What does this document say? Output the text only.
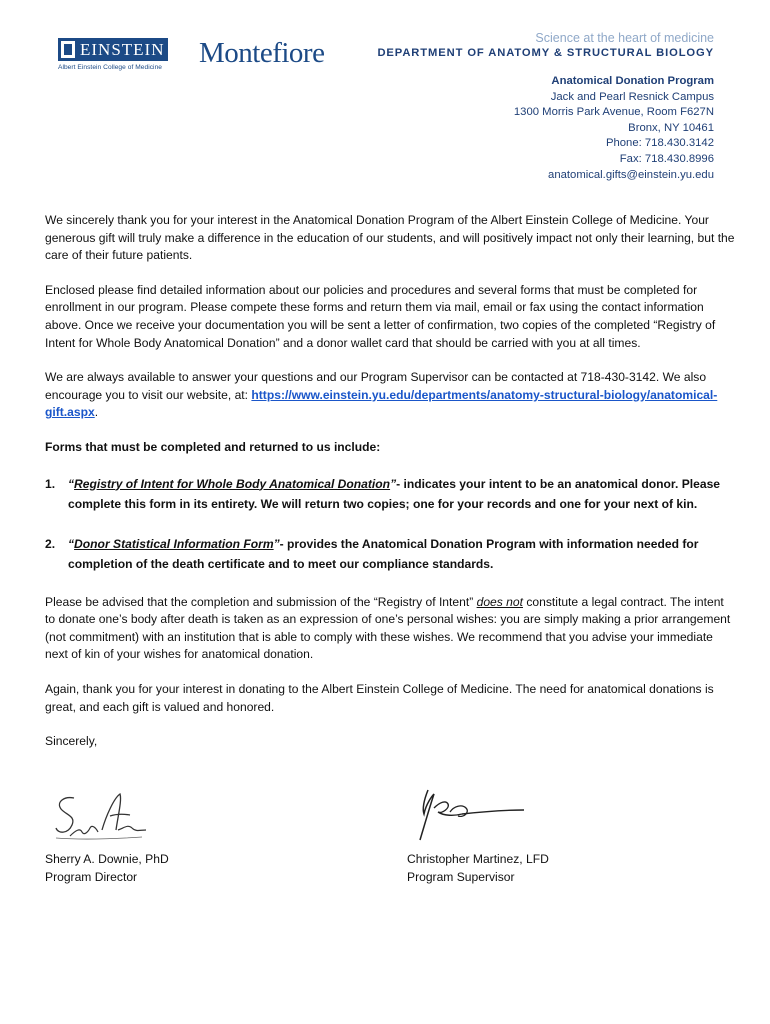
EINSTEIN
Albert Einstein College of Medicine Montefiore	Science at the heart of medicine
DEPARTMENT OF ANATOMY & STRUCTURAL BIOLOGY
Anatomical Donation Program
Jack and Pearl Resnick Campus
1300 Morris Park Avenue, Room F627N
Bronx, NY 10461
Phone: 718.430.3142
Fax: 718.430.8996
anatomical.gifts@einstein.yu.edu

We sincerely thank you for your interest in the Anatomical Donation Program of the Albert Einstein College of Medicine. Your generous gift will truly make a difference in the education of our students, and will positively impact not only their learning, but the care of their future patients.

Enclosed please find detailed information about our policies and procedures and several forms that must be completed for enrollment in our program. Please compete these forms and return them via mail, email or fax using the contact information above. Once we receive your documentation you will be sent a letter of confirmation, two copies of the completed “Registry of Intent for Whole Body Anatomical Donation” and a donor wallet card that should be carried with you at all times.

We are always available to answer your questions and our Program Supervisor can be contacted at 718-430-3142. We also encourage you to visit our website, at: https://www.einstein.yu.edu/departments/anatomy-structural-biology/anatomical-gift.aspx.

Forms that must be completed and returned to us include:

1. “Registry of Intent for Whole Body Anatomical Donation”- indicates your intent to be an anatomical donor. Please complete this form in its entirety. We will return two copies; one for your records and one for your next of kin.
2. “Donor Statistical Information Form”- provides the Anatomical Donation Program with information needed for completion of the death certificate and to meet our compliance standards.

Please be advised that the completion and submission of the “Registry of Intent” does not constitute a legal contract. The intent to donate one’s body after death is taken as an expression of one’s personal wishes: you are simply making a prior arrangement (not commitment) with an institution that is able to comply with these wishes. We recommend that you advise your immediate next of kin of your wishes for anatomical donation.

Again, thank you for your interest in donating to the Albert Einstein College of Medicine. The need for anatomical donations is great, and each gift is valued and honored.

Sincerely,

Sherry A. Downie, PhD
Program Director
Christopher Martinez, LFD
Program Supervisor
